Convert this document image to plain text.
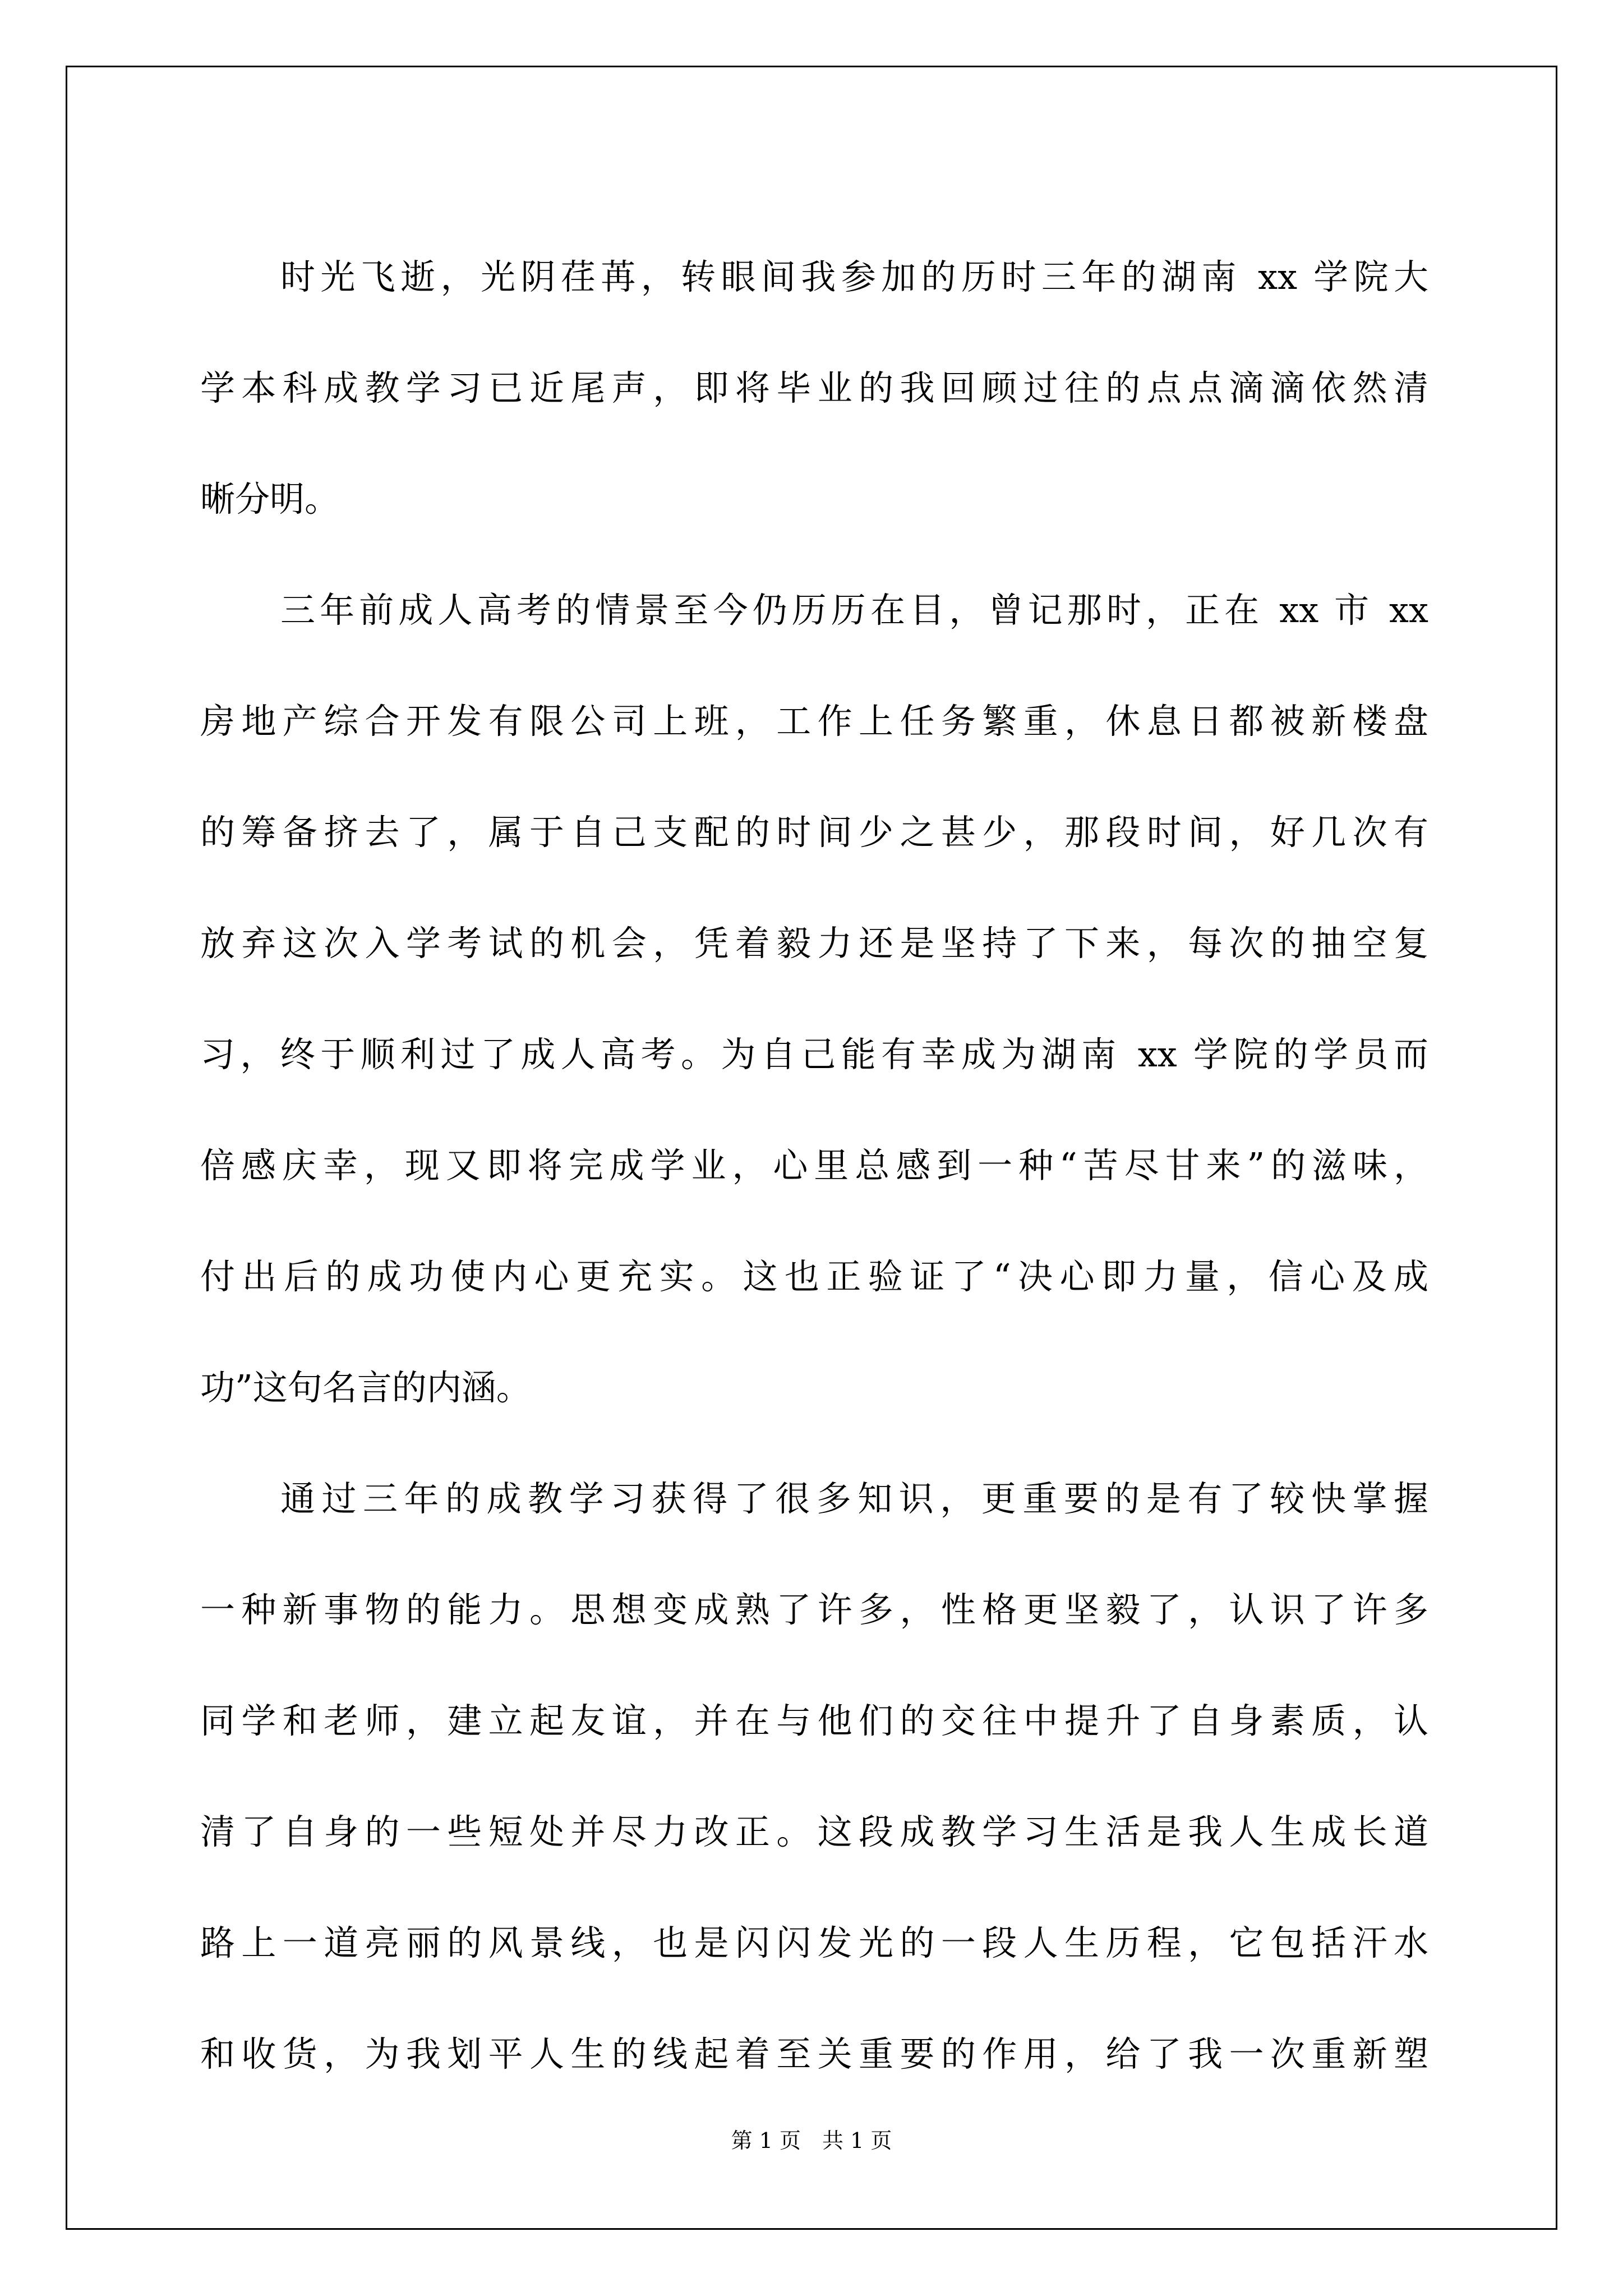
时光飞逝，光阴荏苒，转眼间我参加的历时三年的湖南 xx 学院大
学本科成教学习已近尾声，即将毕业的我回顾过往的点点滴滴依然清
晰分明。
三年前成人高考的情景至今仍历历在目，曾记那时，正在 xx 市 xx
房地产综合开发有限公司上班，工作上任务繁重，休息日都被新楼盘
的筹备挤去了，属于自己支配的时间少之甚少，那段时间，好几次有
放弃这次入学考试的机会，凭着毅力还是坚持了下来，每次的抽空复
习，终于顺利过了成人高考。为自己能有幸成为湖南 xx 学院的学员而
倍感庆幸，现又即将完成学业，心里总感到一种“苦尽甘来”的滋味，
付出后的成功使内心更充实。这也正验证了“决心即力量，信心及成
功”这句名言的内涵。
通过三年的成教学习获得了很多知识，更重要的是有了较快掌握
一种新事物的能力。思想变成熟了许多，性格更坚毅了，认识了许多
同学和老师，建立起友谊，并在与他们的交往中提升了自身素质，认
清了自身的一些短处并尽力改正。这段成教学习生活是我人生成长道
路上一道亮丽的风景线，也是闪闪发光的一段人生历程，它包括汗水
和收货，为我划平人生的线起着至关重要的作用，给了我一次重新塑
第 1 页　共 1 页
